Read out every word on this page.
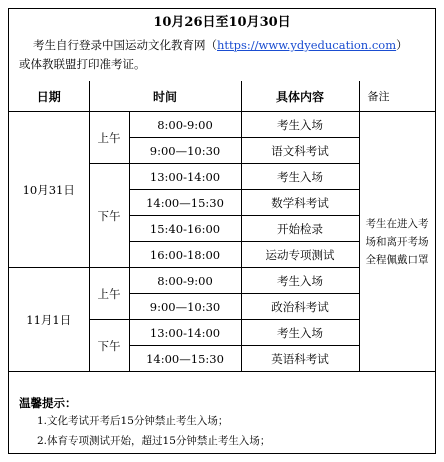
10月26日至10月30日
考生自行登录中国运动文化教育网（https://www.ydyeducation.com）
或体教联盟打印准考证。
日期	时间		具体内容	备注
10月31日	上午	8:00-9:00	考生入场	考生在进入考场和离开考场全程佩戴口罩
		9:00—10:30	语文科考试	
	下午	13:00-14:00	考生入场	
		14:00—15:30	数学科考试	
		15:40-16:00	开始检录	
		16:00-18:00	运动专项测试	
11月1日	上午	8:00-9:00	考生入场	
		9:00—10:30	政治科考试	
	下午	13:00-14:00	考生入场	
		14:00—15:30	英语科考试	
温馨提示：
1.文化考试开考后15分钟禁止考生入场；
2.体育专项测试开始，超过15分钟禁止考生入场；
